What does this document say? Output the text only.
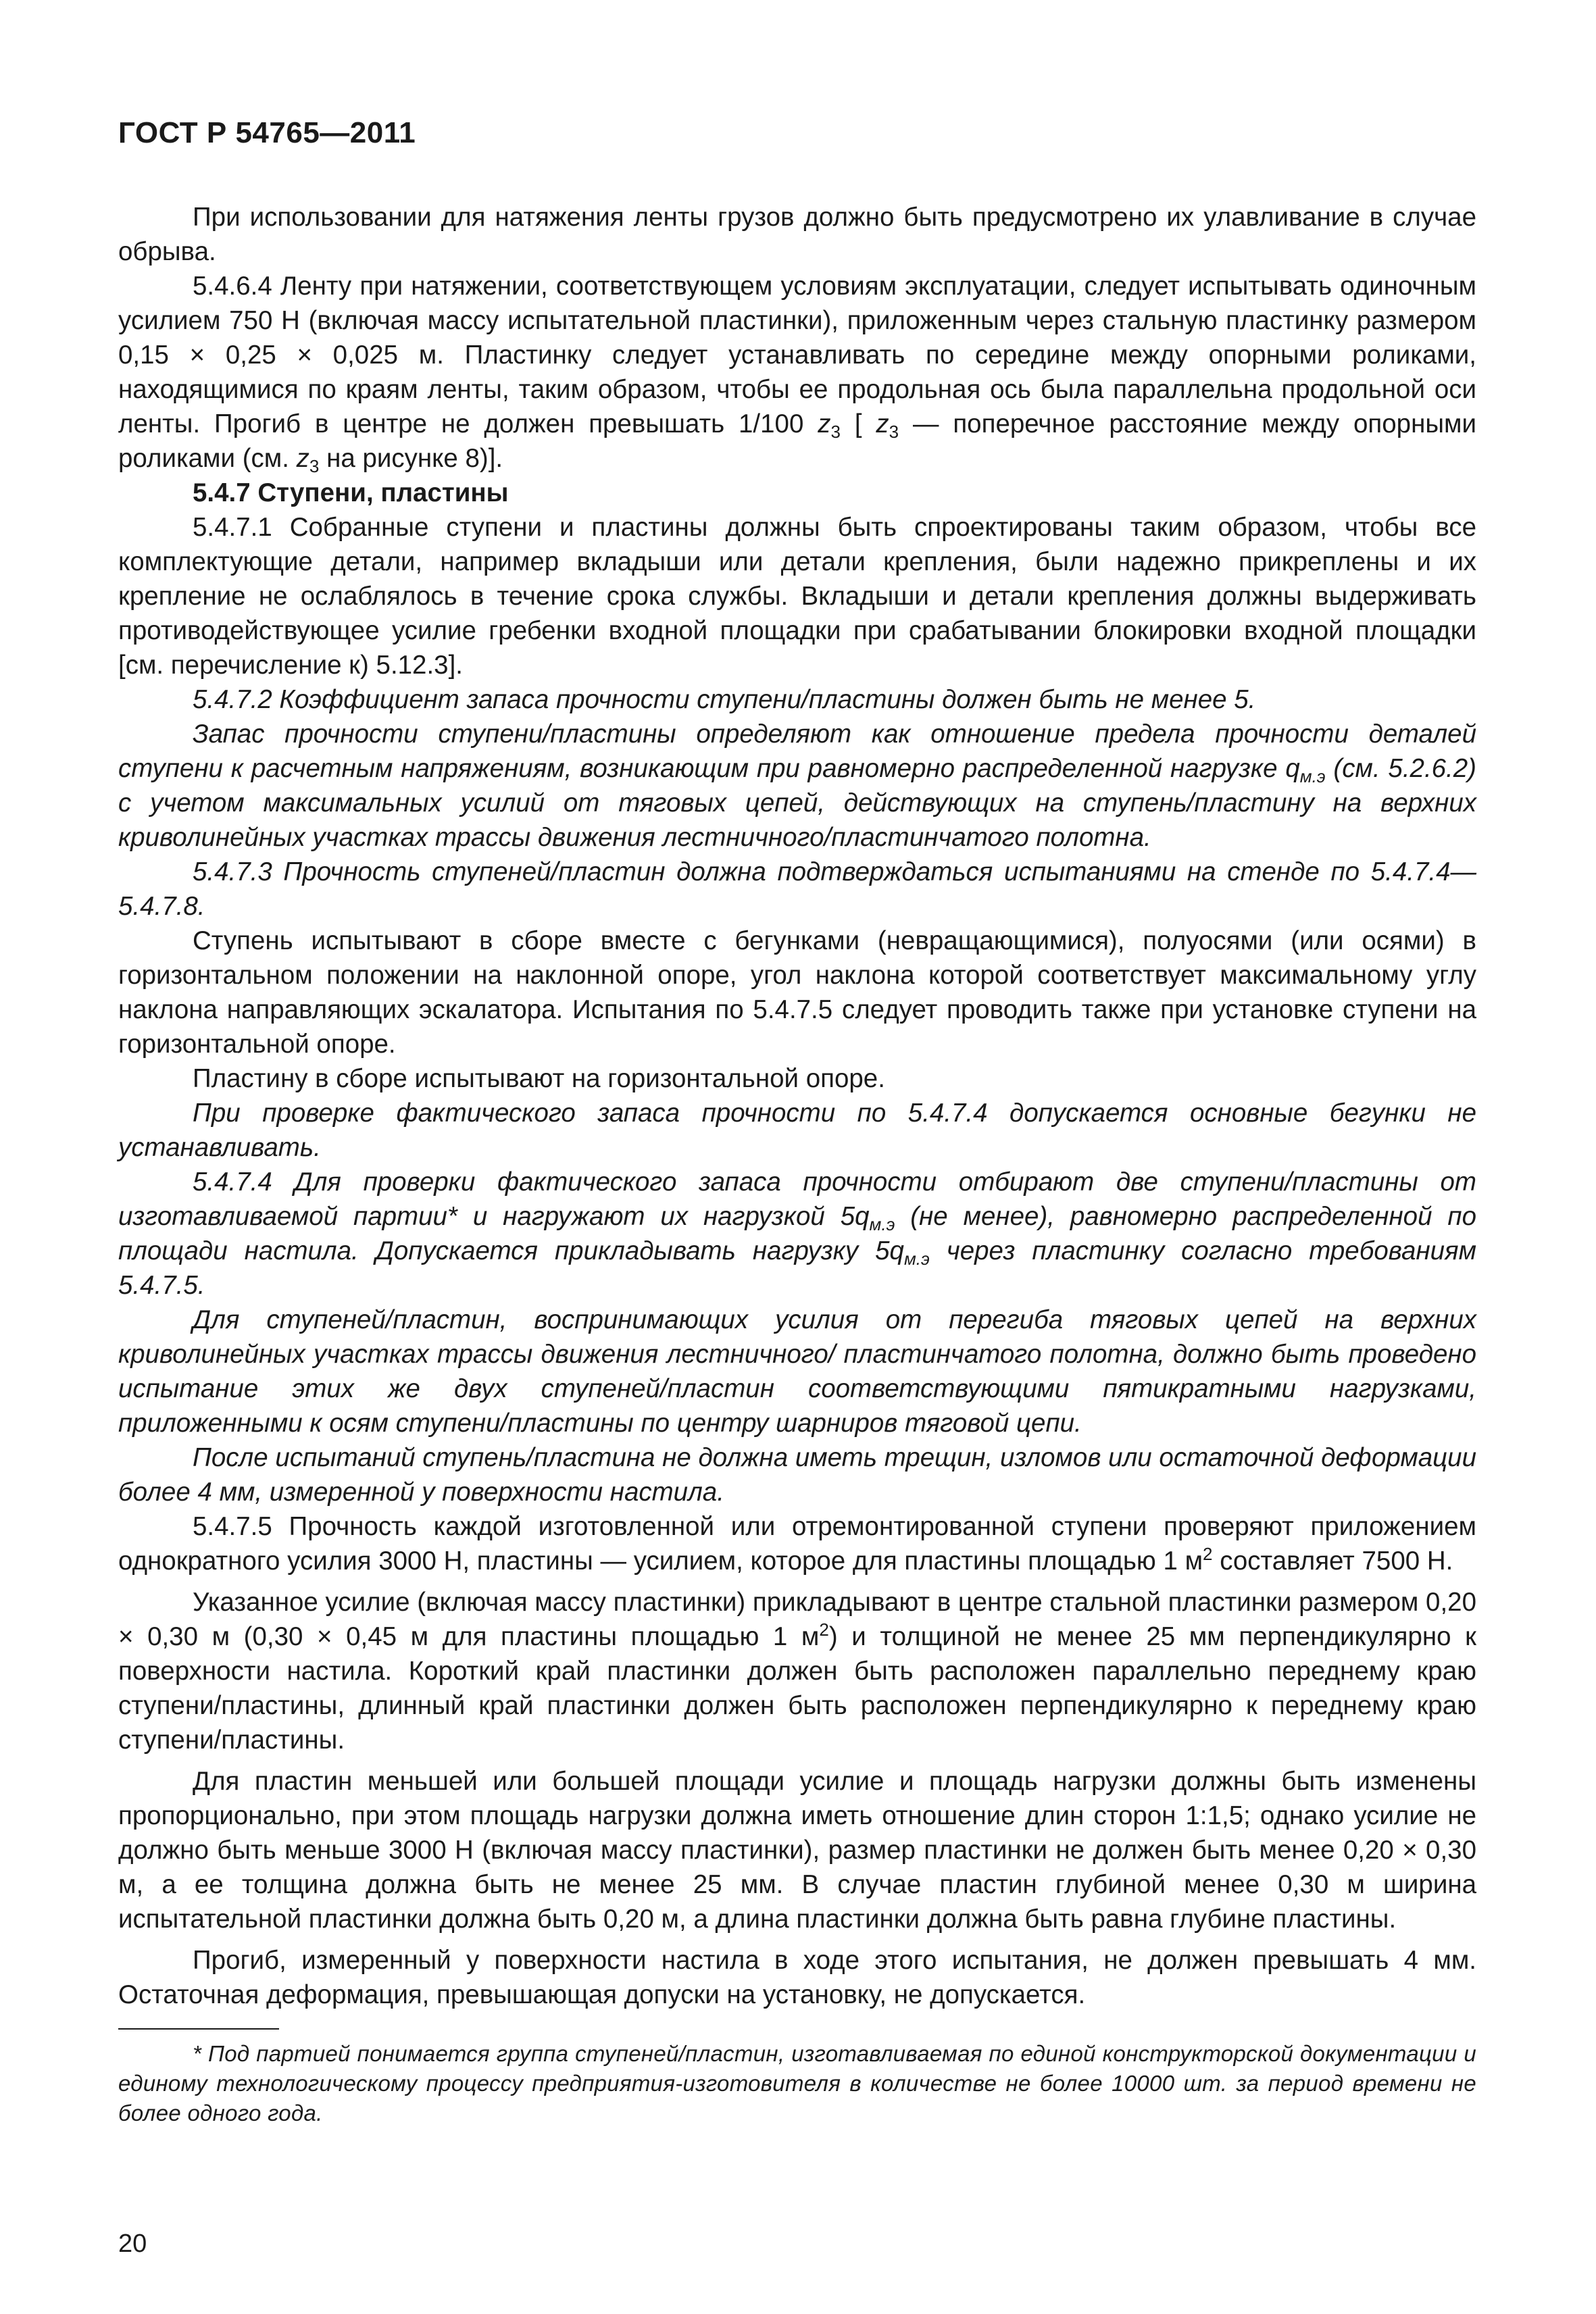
ГОСТ Р 54765—2011

При использовании для натяжения ленты грузов должно быть предусмотрено их улавливание в случае обрыва.

5.4.6.4 Ленту при натяжении, соответствующем условиям эксплуатации, следует испытывать одиночным усилием 750 Н (включая массу испытательной пластинки), приложенным через стальную пластинку размером 0,15 × 0,25 × 0,025 м. Пластинку следует устанавливать по середине между опорными роликами, находящимися по краям ленты, таким образом, чтобы ее продольная ось была параллельна продольной оси ленты. Прогиб в центре не должен превышать 1/100 $z_3$ [ $z_3$ — поперечное расстояние между опорными роликами (см. $z_3$ на рисунке 8)].

5.4.7 Ступени, пластины

5.4.7.1 Собранные ступени и пластины должны быть спроектированы таким образом, чтобы все комплектующие детали, например вкладыши или детали крепления, были надежно прикреплены и их крепление не ослаблялось в течение срока службы. Вкладыши и детали крепления должны выдерживать противодействующее усилие гребенки входной площадки при срабатывании блокировки входной площадки [см. перечисление к) 5.12.3].

5.4.7.2 Коэффициент запаса прочности ступени/пластины должен быть не менее 5.

Запас прочности ступени/пластины определяют как отношение предела прочности деталей ступени к расчетным напряжениям, возникающим при равномерно распределенной нагрузке $q_{м.э}$ (см. 5.2.6.2) с учетом максимальных усилий от тяговых цепей, действующих на ступень/пластину на верхних криволинейных участках трассы движения лестничного/пластинчатого полотна.

5.4.7.3 Прочность ступеней/пластин должна подтверждаться испытаниями на стенде по 5.4.7.4—5.4.7.8.

Ступень испытывают в сборе вместе с бегунками (невращающимися), полуосями (или осями) в горизонтальном положении на наклонной опоре, угол наклона которой соответствует максимальному углу наклона направляющих эскалатора. Испытания по 5.4.7.5 следует проводить также при установке ступени на горизонтальной опоре.

Пластину в сборе испытывают на горизонтальной опоре.

При проверке фактического запаса прочности по 5.4.7.4 допускается основные бегунки не устанавливать.

5.4.7.4 Для проверки фактического запаса прочности отбирают две ступени/пластины от изготавливаемой партии* и нагружают их нагрузкой $5q_{м.э}$ (не менее), равномерно распределенной по площади настила. Допускается прикладывать нагрузку $5q_{м.э}$ через пластинку согласно требованиям 5.4.7.5.

Для ступеней/пластин, воспринимающих усилия от перегиба тяговых цепей на верхних криволинейных участках трассы движения лестничного/ пластинчатого полотна, должно быть проведено испытание этих же двух ступеней/пластин соответствующими пятикратными нагрузками, приложенными к осям ступени/пластины по центру шарниров тяговой цепи.

После испытаний ступень/пластина не должна иметь трещин, изломов или остаточной деформации более 4 мм, измеренной у поверхности настила.

5.4.7.5 Прочность каждой изготовленной или отремонтированной ступени проверяют приложением однократного усилия 3000 Н, пластины — усилием, которое для пластины площадью 1 $м^2$ составляет 7500 Н.

Указанное усилие (включая массу пластинки) прикладывают в центре стальной пластинки размером 0,20 × 0,30 м (0,30 × 0,45 м для пластины площадью 1 $м^2$) и толщиной не менее 25 мм перпендикулярно к поверхности настила. Короткий край пластинки должен быть расположен параллельно переднему краю ступени/пластины, длинный край пластинки должен быть расположен перпендикулярно к переднему краю ступени/пластины.

Для пластин меньшей или большей площади усилие и площадь нагрузки должны быть изменены пропорционально, при этом площадь нагрузки должна иметь отношение длин сторон 1:1,5; однако усилие не должно быть меньше 3000 Н (включая массу пластинки), размер пластинки не должен быть менее 0,20 × 0,30 м, а ее толщина должна быть не менее 25 мм. В случае пластин глубиной менее 0,30 м ширина испытательной пластинки должна быть 0,20 м, а длина пластинки должна быть равна глубине пластины.

Прогиб, измеренный у поверхности настила в ходе этого испытания, не должен превышать 4 мм. Остаточная деформация, превышающая допуски на установку, не допускается.

* Под партией понимается группа ступеней/пластин, изготавливаемая по единой конструкторской документации и единому технологическому процессу предприятия-изготовителя в количестве не более 10000 шт. за период времени не более одного года.
20
